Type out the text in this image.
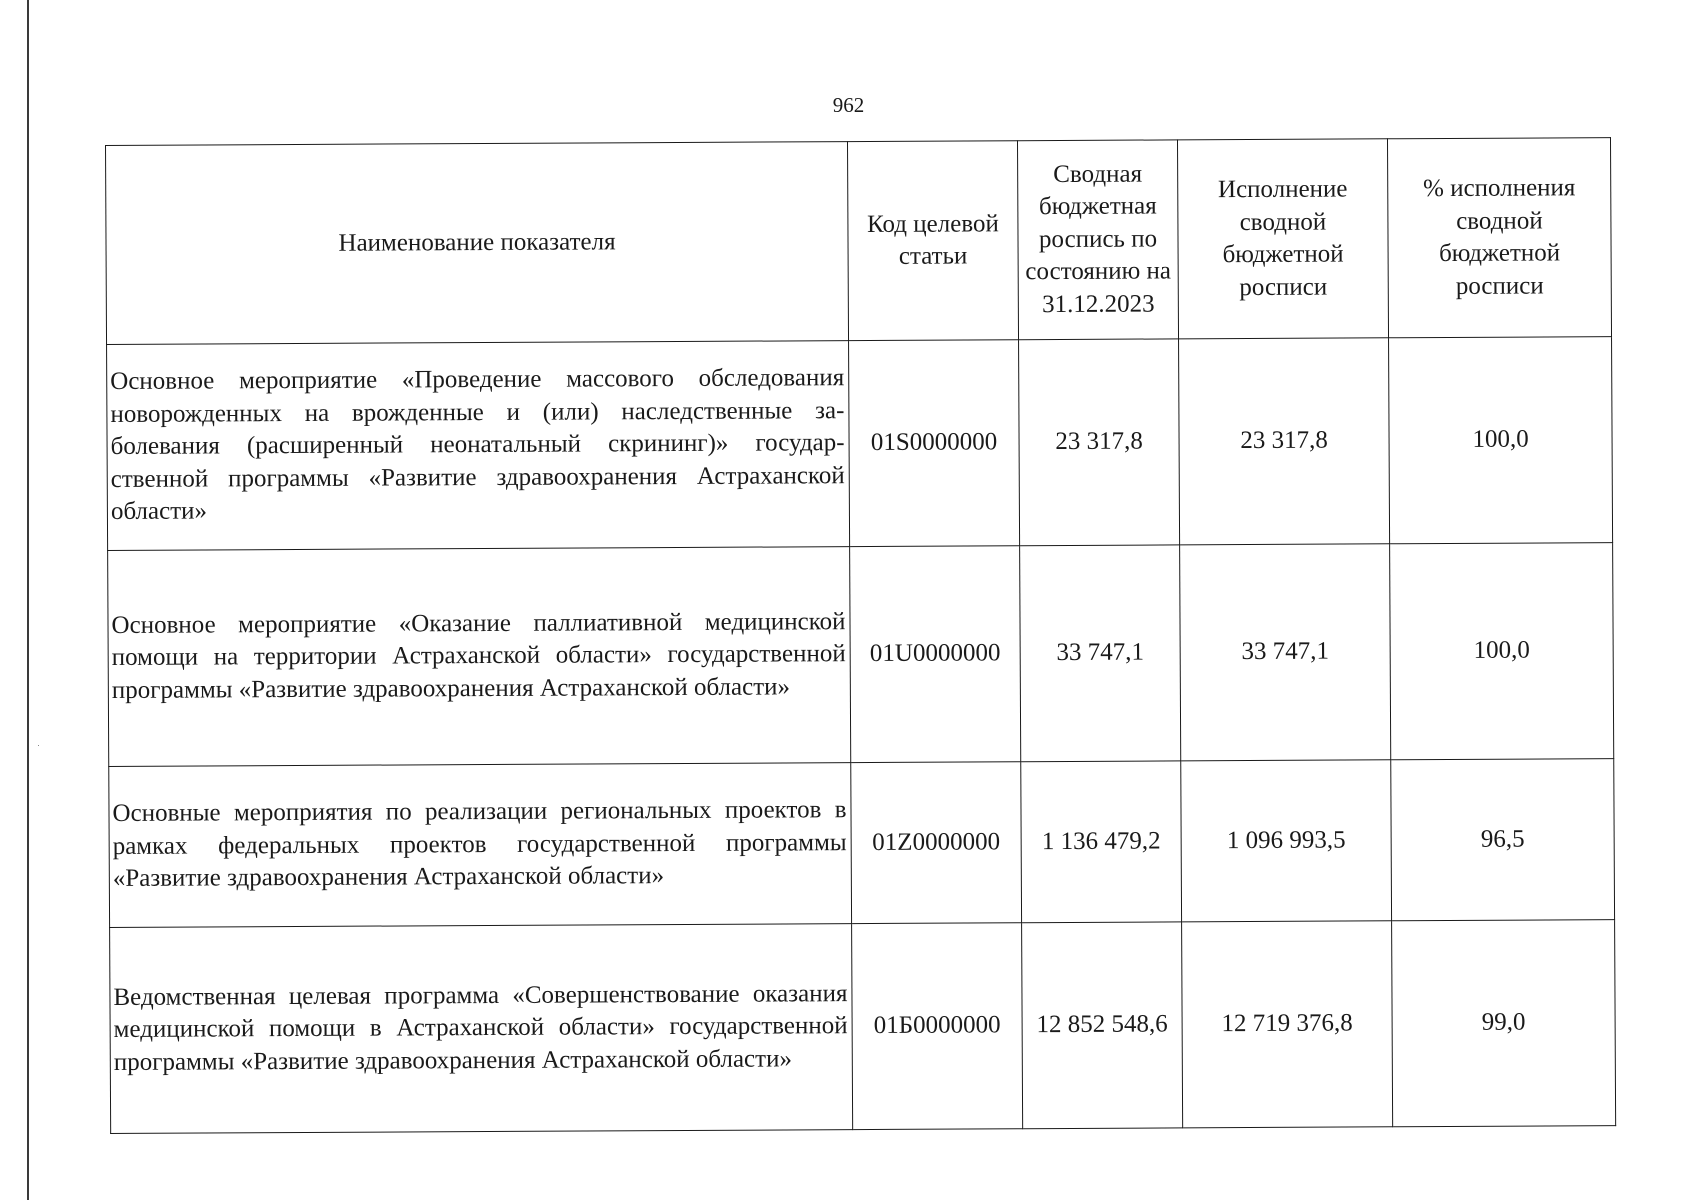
962
Наименование показателя	Код целевой статьи	Сводная бюджетная роспись по состоянию на 31.12.2023	Исполнение сводной бюджетной росписи	% исполнения сводной бюджетной росписи

Основное мероприятие «Проведение массового обследования новорожденных на врожденные и (или) наследственные заболевания (расширенный неонатальный скрининг)» государственной программы «Развитие здравоохранения Астраханской области»	01S0000000	23 317,8	23 317,8	100,0

Основное мероприятие «Оказание паллиативной медицинской помощи на территории Астраханской области» государственной программы «Развитие здравоохранения Астраханской области»	01U0000000	33 747,1	33 747,1	100,0

Основные мероприятия по реализации региональных проектов в рамках федеральных проектов государственной программы «Развитие здравоохранения Астраханской области»	01Z0000000	1 136 479,2	1 096 993,5	96,5

Ведомственная целевая программа «Совершенствование оказания медицинской помощи в Астраханской области» государственной программы «Развитие здравоохранения Астраханской области»	01Б0000000	12 852 548,6	12 719 376,8	99,0
